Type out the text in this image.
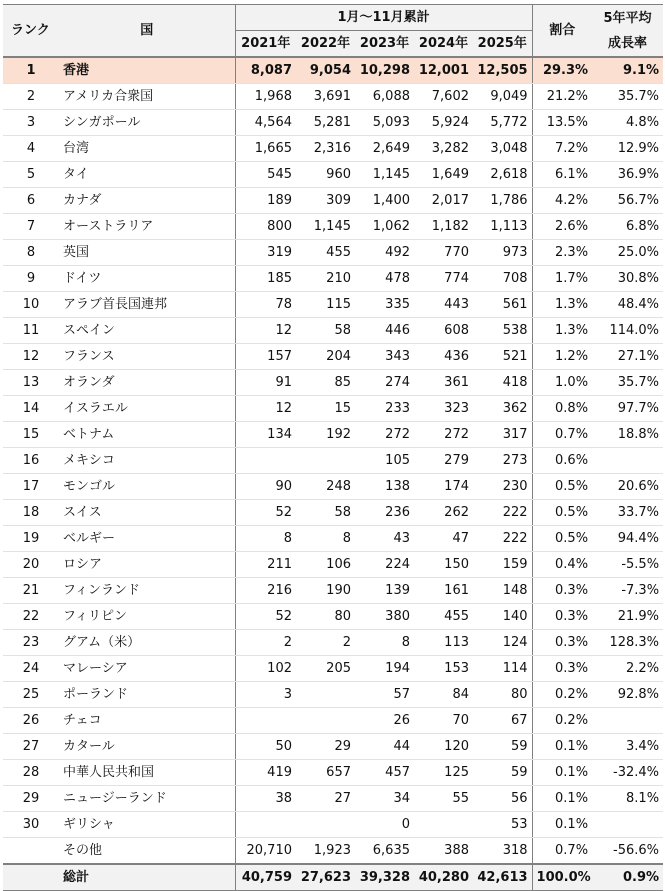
ランク	国	1月〜11月累計					割合	5年平均
成長率
		2021年	2022年	2023年	2024年	2025年		
1	香港	8,087	9,054	10,298	12,001	12,505	29.3%	9.1%
2	アメリカ合衆国	1,968	3,691	6,088	7,602	9,049	21.2%	35.7%
3	シンガポール	4,564	5,281	5,093	5,924	5,772	13.5%	4.8%
4	台湾	1,665	2,316	2,649	3,282	3,048	7.2%	12.9%
5	タイ	545	960	1,145	1,649	2,618	6.1%	36.9%
6	カナダ	189	309	1,400	2,017	1,786	4.2%	56.7%
7	オーストラリア	800	1,145	1,062	1,182	1,113	2.6%	6.8%
8	英国	319	455	492	770	973	2.3%	25.0%
9	ドイツ	185	210	478	774	708	1.7%	30.8%
10	アラブ首長国連邦	78	115	335	443	561	1.3%	48.4%
11	スペイン	12	58	446	608	538	1.3%	114.0%
12	フランス	157	204	343	436	521	1.2%	27.1%
13	オランダ	91	85	274	361	418	1.0%	35.7%
14	イスラエル	12	15	233	323	362	0.8%	97.7%
15	ベトナム	134	192	272	272	317	0.7%	18.8%
16	メキシコ			105	279	273	0.6%	
17	モンゴル	90	248	138	174	230	0.5%	20.6%
18	スイス	52	58	236	262	222	0.5%	33.7%
19	ベルギー	8	8	43	47	222	0.5%	94.4%
20	ロシア	211	106	224	150	159	0.4%	-5.5%
21	フィンランド	216	190	139	161	148	0.3%	-7.3%
22	フィリピン	52	80	380	455	140	0.3%	21.9%
23	グアム（米）	2	2	8	113	124	0.3%	128.3%
24	マレーシア	102	205	194	153	114	0.3%	2.2%
25	ポーランド	3		57	84	80	0.2%	92.8%
26	チェコ			26	70	67	0.2%	
27	カタール	50	29	44	120	59	0.1%	3.4%
28	中華人民共和国	419	657	457	125	59	0.1%	-32.4%
29	ニュージーランド	38	27	34	55	56	0.1%	8.1%
30	ギリシャ			0		53	0.1%	
	その他	20,710	1,923	6,635	388	318	0.7%	-56.6%
	総計	40,759	27,623	39,328	40,280	42,613	100.0%	0.9%
